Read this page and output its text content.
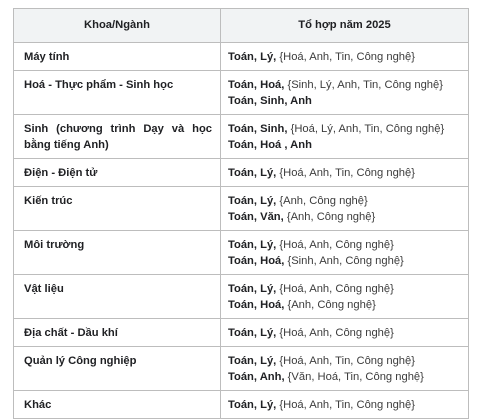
Khoa/Ngành	Tổ hợp năm 2025
Máy tính	Toán, Lý, {Hoá, Anh, Tin, Công nghệ}

Hoá - Thực phẩm - Sinh học	Toán, Hoá, {Sinh, Lý, Anh, Tin, Công nghệ}
Toán, Sinh, Anh

Sinh (chương trình Dạy và học bằng tiếng Anh)	Toán, Sinh, {Hoá, Lý, Anh, Tin, Công nghệ}
Toán, Hoá , Anh

Điện - Điện tử	Toán, Lý, {Hoá, Anh, Tin, Công nghệ}

Kiến trúc	Toán, Lý, {Anh, Công nghệ}
Toán, Văn, {Anh, Công nghệ}

Môi trường	Toán, Lý, {Hoá, Anh, Công nghệ}
Toán, Hoá, {Sinh, Anh, Công nghệ}

Vật liệu	Toán, Lý, {Hoá, Anh, Công nghệ}
Toán, Hoá, {Anh, Công nghệ}

Địa chất - Dầu khí	Toán, Lý, {Hoá, Anh, Công nghệ}

Quản lý Công nghiệp	Toán, Lý, {Hoá, Anh, Tin, Công nghệ}
Toán, Anh, {Văn, Hoá, Tin, Công nghệ}

Khác	Toán, Lý, {Hoá, Anh, Tin, Công nghệ}
